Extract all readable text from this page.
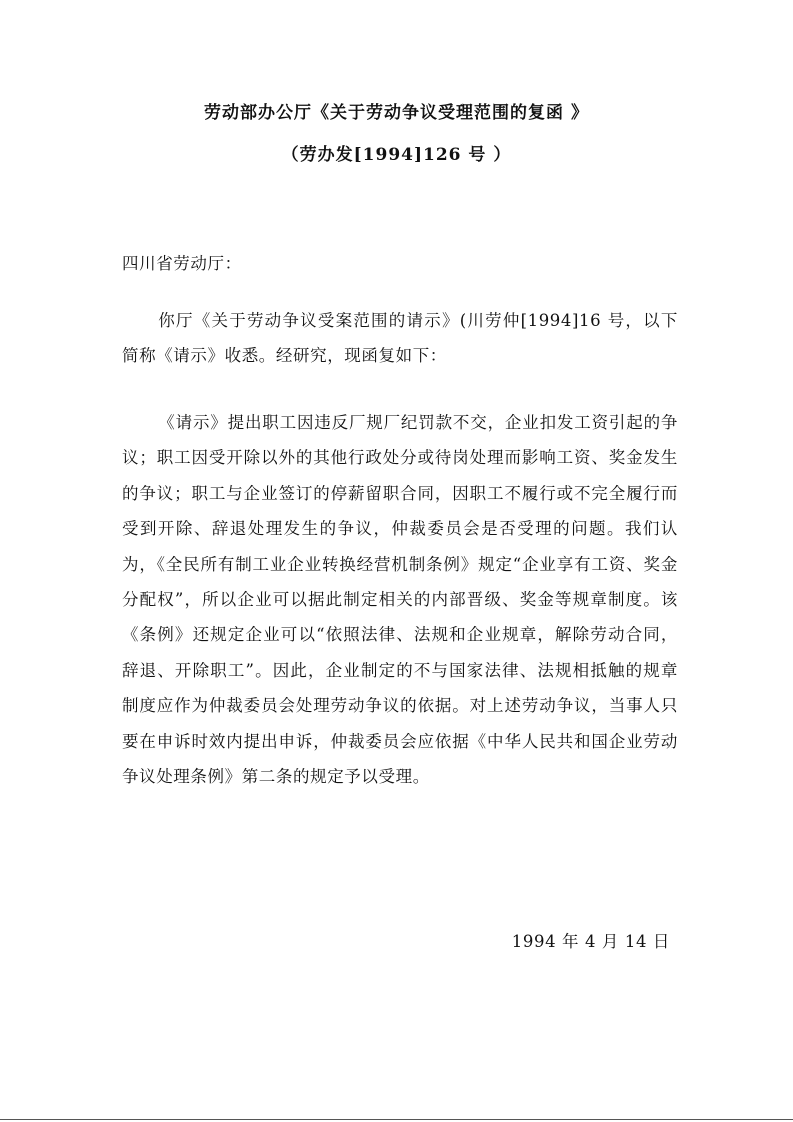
劳动部办公厅《关于劳动争议受理范围的复函 》
（劳办发[1994]126 号 ）
四川省劳动厅：
你厅《关于劳动争议受案范围的请示》(川劳仲[1994]16 号，以下简称《请示》收悉。经研究，现函复如下：
《请示》提出职工因违反厂规厂纪罚款不交，企业扣发工资引起的争议；职工因受开除以外的其他行政处分或待岗处理而影响工资、奖金发生的争议；职工与企业签订的停薪留职合同，因职工不履行或不完全履行而受到开除、辞退处理发生的争议，仲裁委员会是否受理的问题。我们认为，《全民所有制工业企业转换经营机制条例》规定“企业享有工资、奖金分配权”，所以企业可以据此制定相关的内部晋级、奖金等规章制度。该《条例》还规定企业可以“依照法律、法规和企业规章，解除劳动合同，辞退、开除职工”。因此，企业制定的不与国家法律、法规相抵触的规章制度应作为仲裁委员会处理劳动争议的依据。对上述劳动争议，当事人只要在申诉时效内提出申诉，仲裁委员会应依据《中华人民共和国企业劳动争议处理条例》第二条的规定予以受理。
1994 年 4 月 14 日
